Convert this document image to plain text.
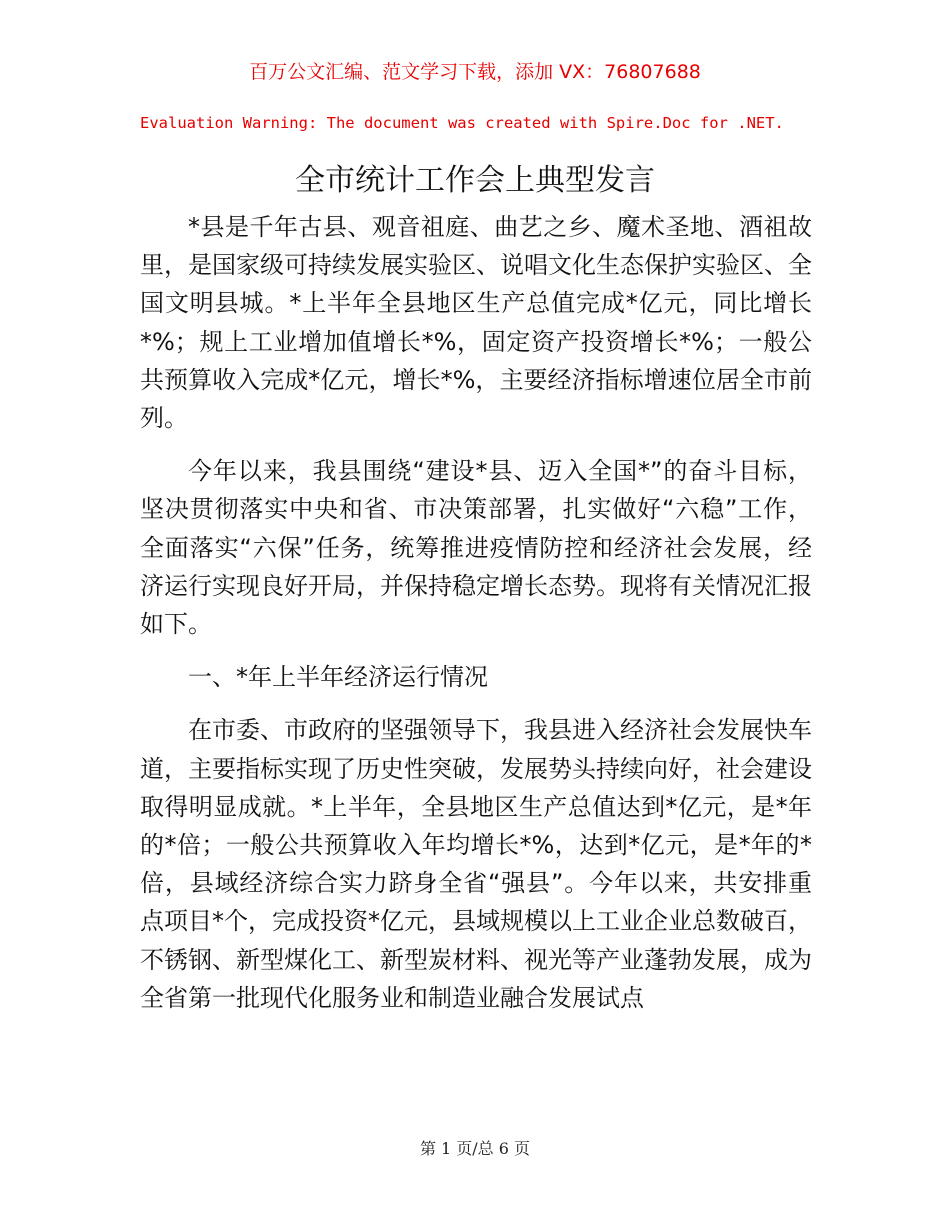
百万公文汇编、范文学习下载，添加 VX：76807688
Evaluation Warning: The document was created with Spire.Doc for .NET.
全市统计工作会上典型发言

*县是千年古县、观音祖庭、曲艺之乡、魔术圣地、酒祖故里，是国家级可持续发展实验区、说唱文化生态保护实验区、全国文明县城。*上半年全县地区生产总值完成*亿元，同比增长*%；规上工业增加值增长*%，固定资产投资增长*%；一般公共预算收入完成*亿元，增长*%，主要经济指标增速位居全市前列。

今年以来，我县围绕“建设*县、迈入全国*”的奋斗目标，坚决贯彻落实中央和省、市决策部署，扎实做好“六稳”工作，全面落实“六保”任务，统筹推进疫情防控和经济社会发展，经济运行实现良好开局，并保持稳定增长态势。现将有关情况汇报如下。

一、*年上半年经济运行情况

在市委、市政府的坚强领导下，我县进入经济社会发展快车道，主要指标实现了历史性突破，发展势头持续向好，社会建设取得明显成就。*上半年，全县地区生产总值达到*亿元，是*年的*倍；一般公共预算收入年均增长*%，达到*亿元，是*年的*倍，县域经济综合实力跻身全省“强县”。今年以来，共安排重点项目*个，完成投资*亿元，县域规模以上工业企业总数破百，不锈钢、新型煤化工、新型炭材料、视光等产业蓬勃发展，成为全省第一批现代化服务业和制造业融合发展试点

第 1 页/总 6 页
